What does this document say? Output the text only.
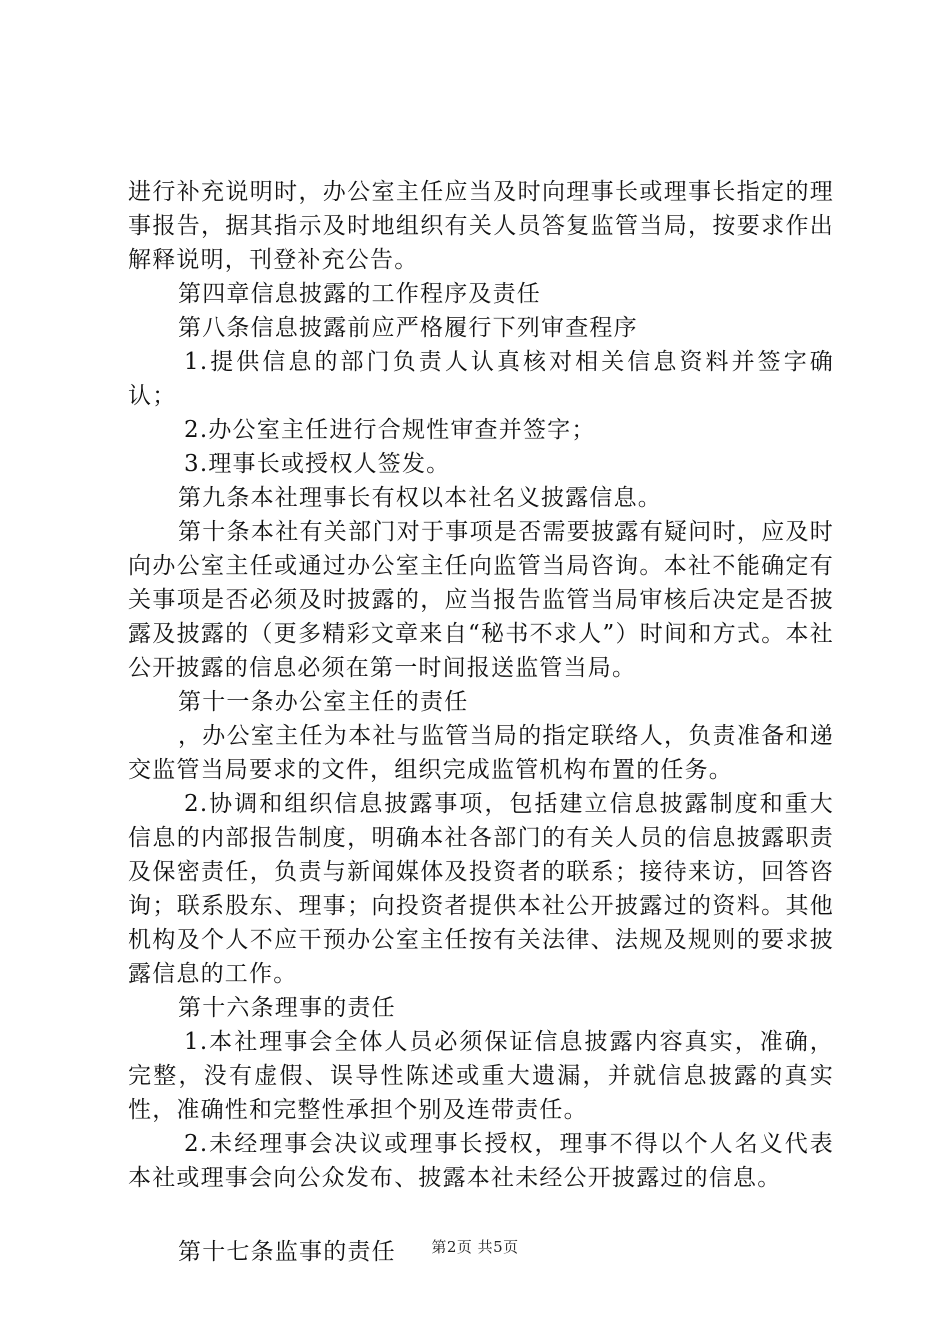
进行补充说明时，办公室主任应当及时向理事长或理事长指定的理事报告，据其指示及时地组织有关人员答复监管当局，按要求作出解释说明，刊登补充公告。

第四章信息披露的工作程序及责任

第八条信息披露前应严格履行下列审查程序

1.提供信息的部门负责人认真核对相关信息资料并签字确认；

2.办公室主任进行合规性审查并签字；

3.理事长或授权人签发。

第九条本社理事长有权以本社名义披露信息。

第十条本社有关部门对于事项是否需要披露有疑问时，应及时向办公室主任或通过办公室主任向监管当局咨询。本社不能确定有关事项是否必须及时披露的，应当报告监管当局审核后决定是否披露及披露的（更多精彩文章来自“秘书不求人”）时间和方式。本社公开披露的信息必须在第一时间报送监管当局。

第十一条办公室主任的责任

，办公室主任为本社与监管当局的指定联络人，负责准备和递交监管当局要求的文件，组织完成监管机构布置的任务。

2.协调和组织信息披露事项，包括建立信息披露制度和重大信息的内部报告制度，明确本社各部门的有关人员的信息披露职责及保密责任，负责与新闻媒体及投资者的联系；接待来访，回答咨询；联系股东、理事；向投资者提供本社公开披露过的资料。其他机构及个人不应干预办公室主任按有关法律、法规及规则的要求披露信息的工作。

第十六条理事的责任

1.本社理事会全体人员必须保证信息披露内容真实，准确，完整，没有虚假、误导性陈述或重大遗漏，并就信息披露的真实性，准确性和完整性承担个别及连带责任。

2.未经理事会决议或理事长授权，理事不得以个人名义代表本社或理事会向公众发布、披露本社未经公开披露过的信息。

第十七条监事的责任	第2页 共5页
